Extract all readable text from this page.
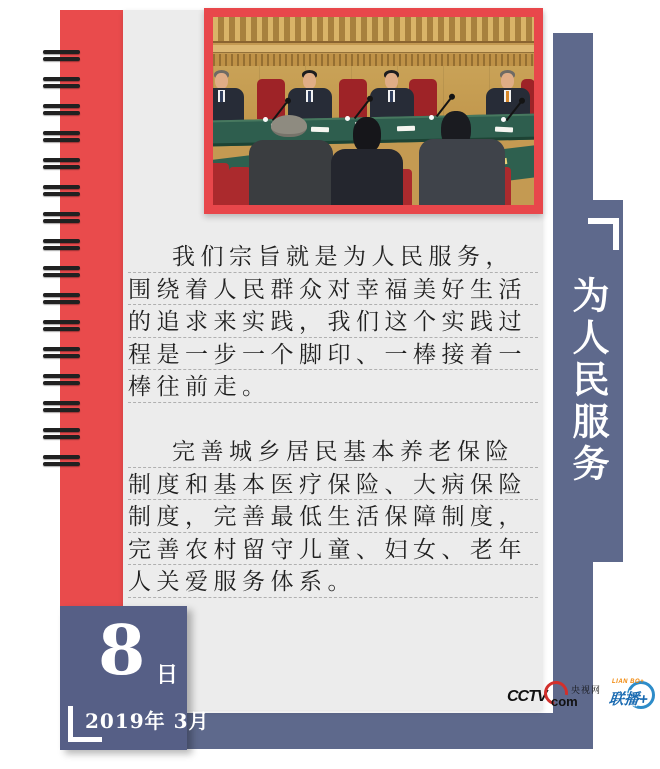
我们宗旨就是为人民服务，
围绕着人民群众对幸福美好生活
的追求来实践，我们这个实践过
程是一步一个脚印、一棒接着一
棒往前走。
完善城乡居民基本养老保险
制度和基本医疗保险、大病保险
制度，完善最低生活保障制度，
完善农村留守儿童、妇女、老年
人关爱服务体系。
CCTV com
央视网
LIAN BO+
联播+
为人民服务
8 日
2019年 3月
